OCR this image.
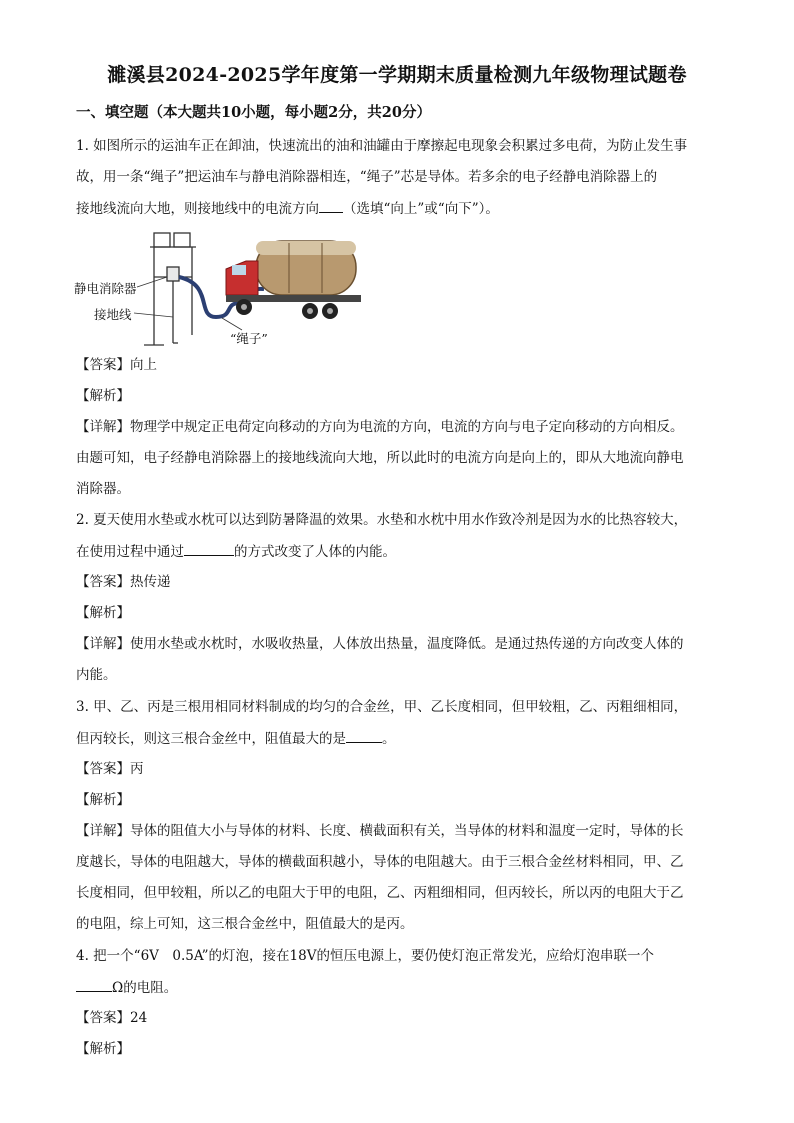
濉溪县2024-2025学年度第一学期期末质量检测九年级物理试题卷
一、填空题（本大题共10小题，每小题2分，共20分）
1. 如图所示的运油车正在卸油，快速流出的油和油罐由于摩擦起电现象会积累过多电荷，为防止发生事
故，用一条“绳子”把运油车与静电消除器相连，“绳子”芯是导体。若多余的电子经静电消除器上的
接地线流向大地，则接地线中的电流方向 （选填“向上”或“向下”）。
静电消除器
接地线
“绳子”
【答案】向上
【解析】
【详解】物理学中规定正电荷定向移动的方向为电流的方向，电流的方向与电子定向移动的方向相反。
由题可知，电子经静电消除器上的接地线流向大地，所以此时的电流方向是向上的，即从大地流向静电
消除器。
2. 夏天使用水垫或水枕可以达到防暑降温的效果。水垫和水枕中用水作致冷剂是因为水的比热容较大，
在使用过程中通过	的方式改变了人体的内能。
【答案】热传递
【解析】
【详解】使用水垫或水枕时，水吸收热量，人体放出热量，温度降低。是通过热传递的方向改变人体的
内能。
3. 甲、乙、丙是三根用相同材料制成的均匀的合金丝，甲、乙长度相同，但甲较粗，乙、丙粗细相同，
但丙较长，则这三根合金丝中，阻值最大的是	。
【答案】丙
【解析】
【详解】导体的阻值大小与导体的材料、长度、横截面积有关，当导体的材料和温度一定时，导体的长
度越长，导体的电阻越大，导体的横截面积越小，导体的电阻越大。由于三根合金丝材料相同，甲、乙
长度相同，但甲较粗，所以乙的电阻大于甲的电阻，乙、丙粗细相同，但丙较长，所以丙的电阻大于乙
的电阻，综上可知，这三根合金丝中，阻值最大的是丙。
4. 把一个“6V　0.5A”的灯泡，接在18V的恒压电源上，要仍使灯泡正常发光，应给灯泡串联一个
Ω的电阻。
【答案】24
【解析】
